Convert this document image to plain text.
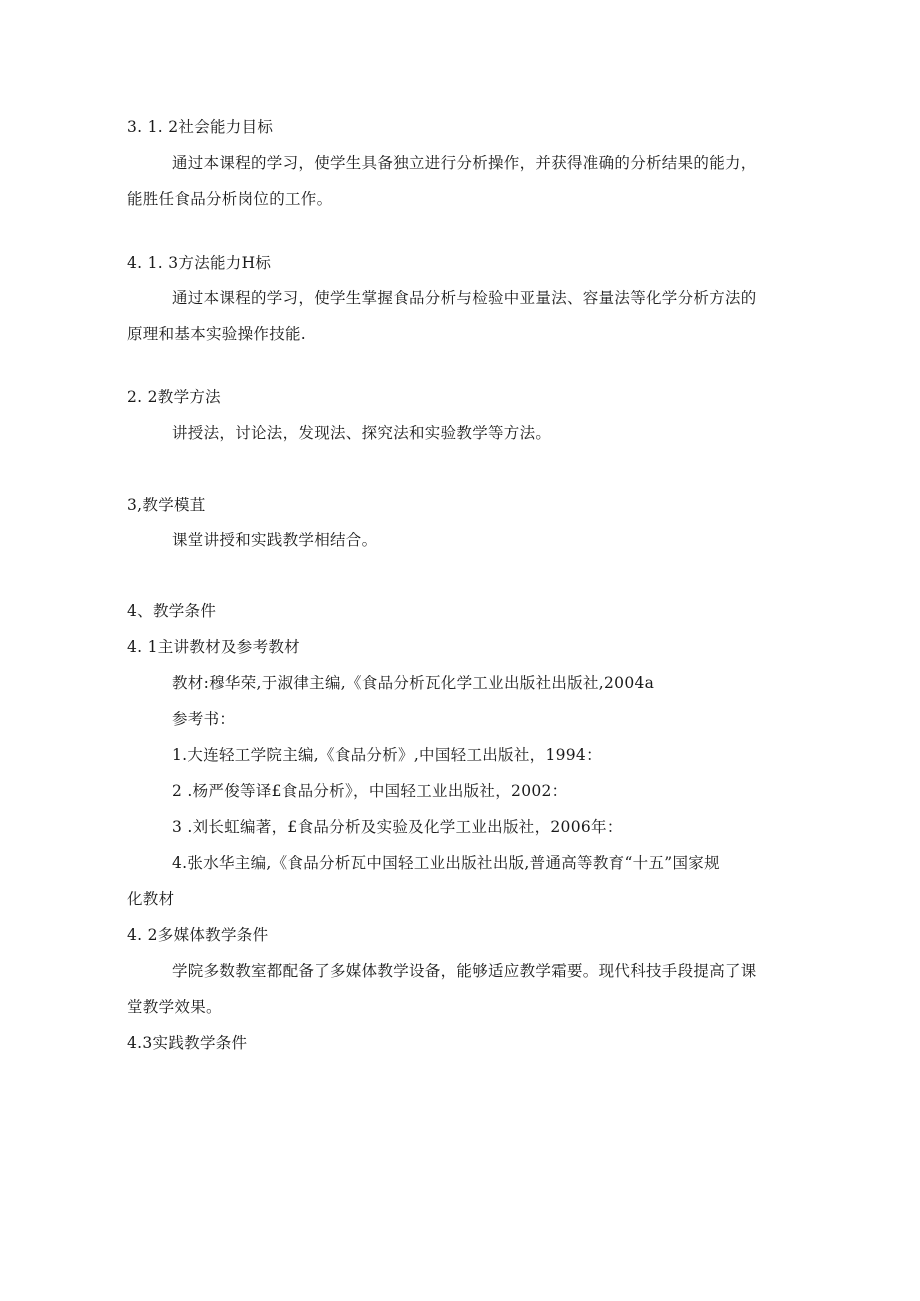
3. 1. 2社会能力目标
通过本课程的学习，使学生具备独立进行分析操作，并获得准确的分析结果的能力，
能胜任食品分析岗位的工作。
4. 1. 3方法能力H标
通过本课程的学习，使学生掌握食品分析与检验中亚量法、容量法等化学分析方法的
原理和基本实验操作技能.
2. 2教学方法
讲授法，讨论法，发现法、探究法和实验教学等方法。
3,教学模苴
课堂讲授和实践教学相结合。
4、教学条件
4. 1主讲教材及参考教材
教材:穆华荣,于淑律主编,《食品分析瓦化学工业出版社出版社,2004a
参考书：
1.大连轻工学院主编,《食品分析》,中国轻工出版社，1994：
2 .杨严俊等译£食品分析》，中国轻工业出版社，2002：
3 .刘长虹编著，£食品分析及实验及化学工业出版社，2006年：
4.张水华主编,《食品分析瓦中国轻工业出版社出版,普通高等教育“十五”国家规
化教材
4. 2多媒体教学条件
学院多数教室都配备了多媒体教学设备，能够适应教学霜要。现代科技手段提高了课
堂教学效果。
4.3实践教学条件
